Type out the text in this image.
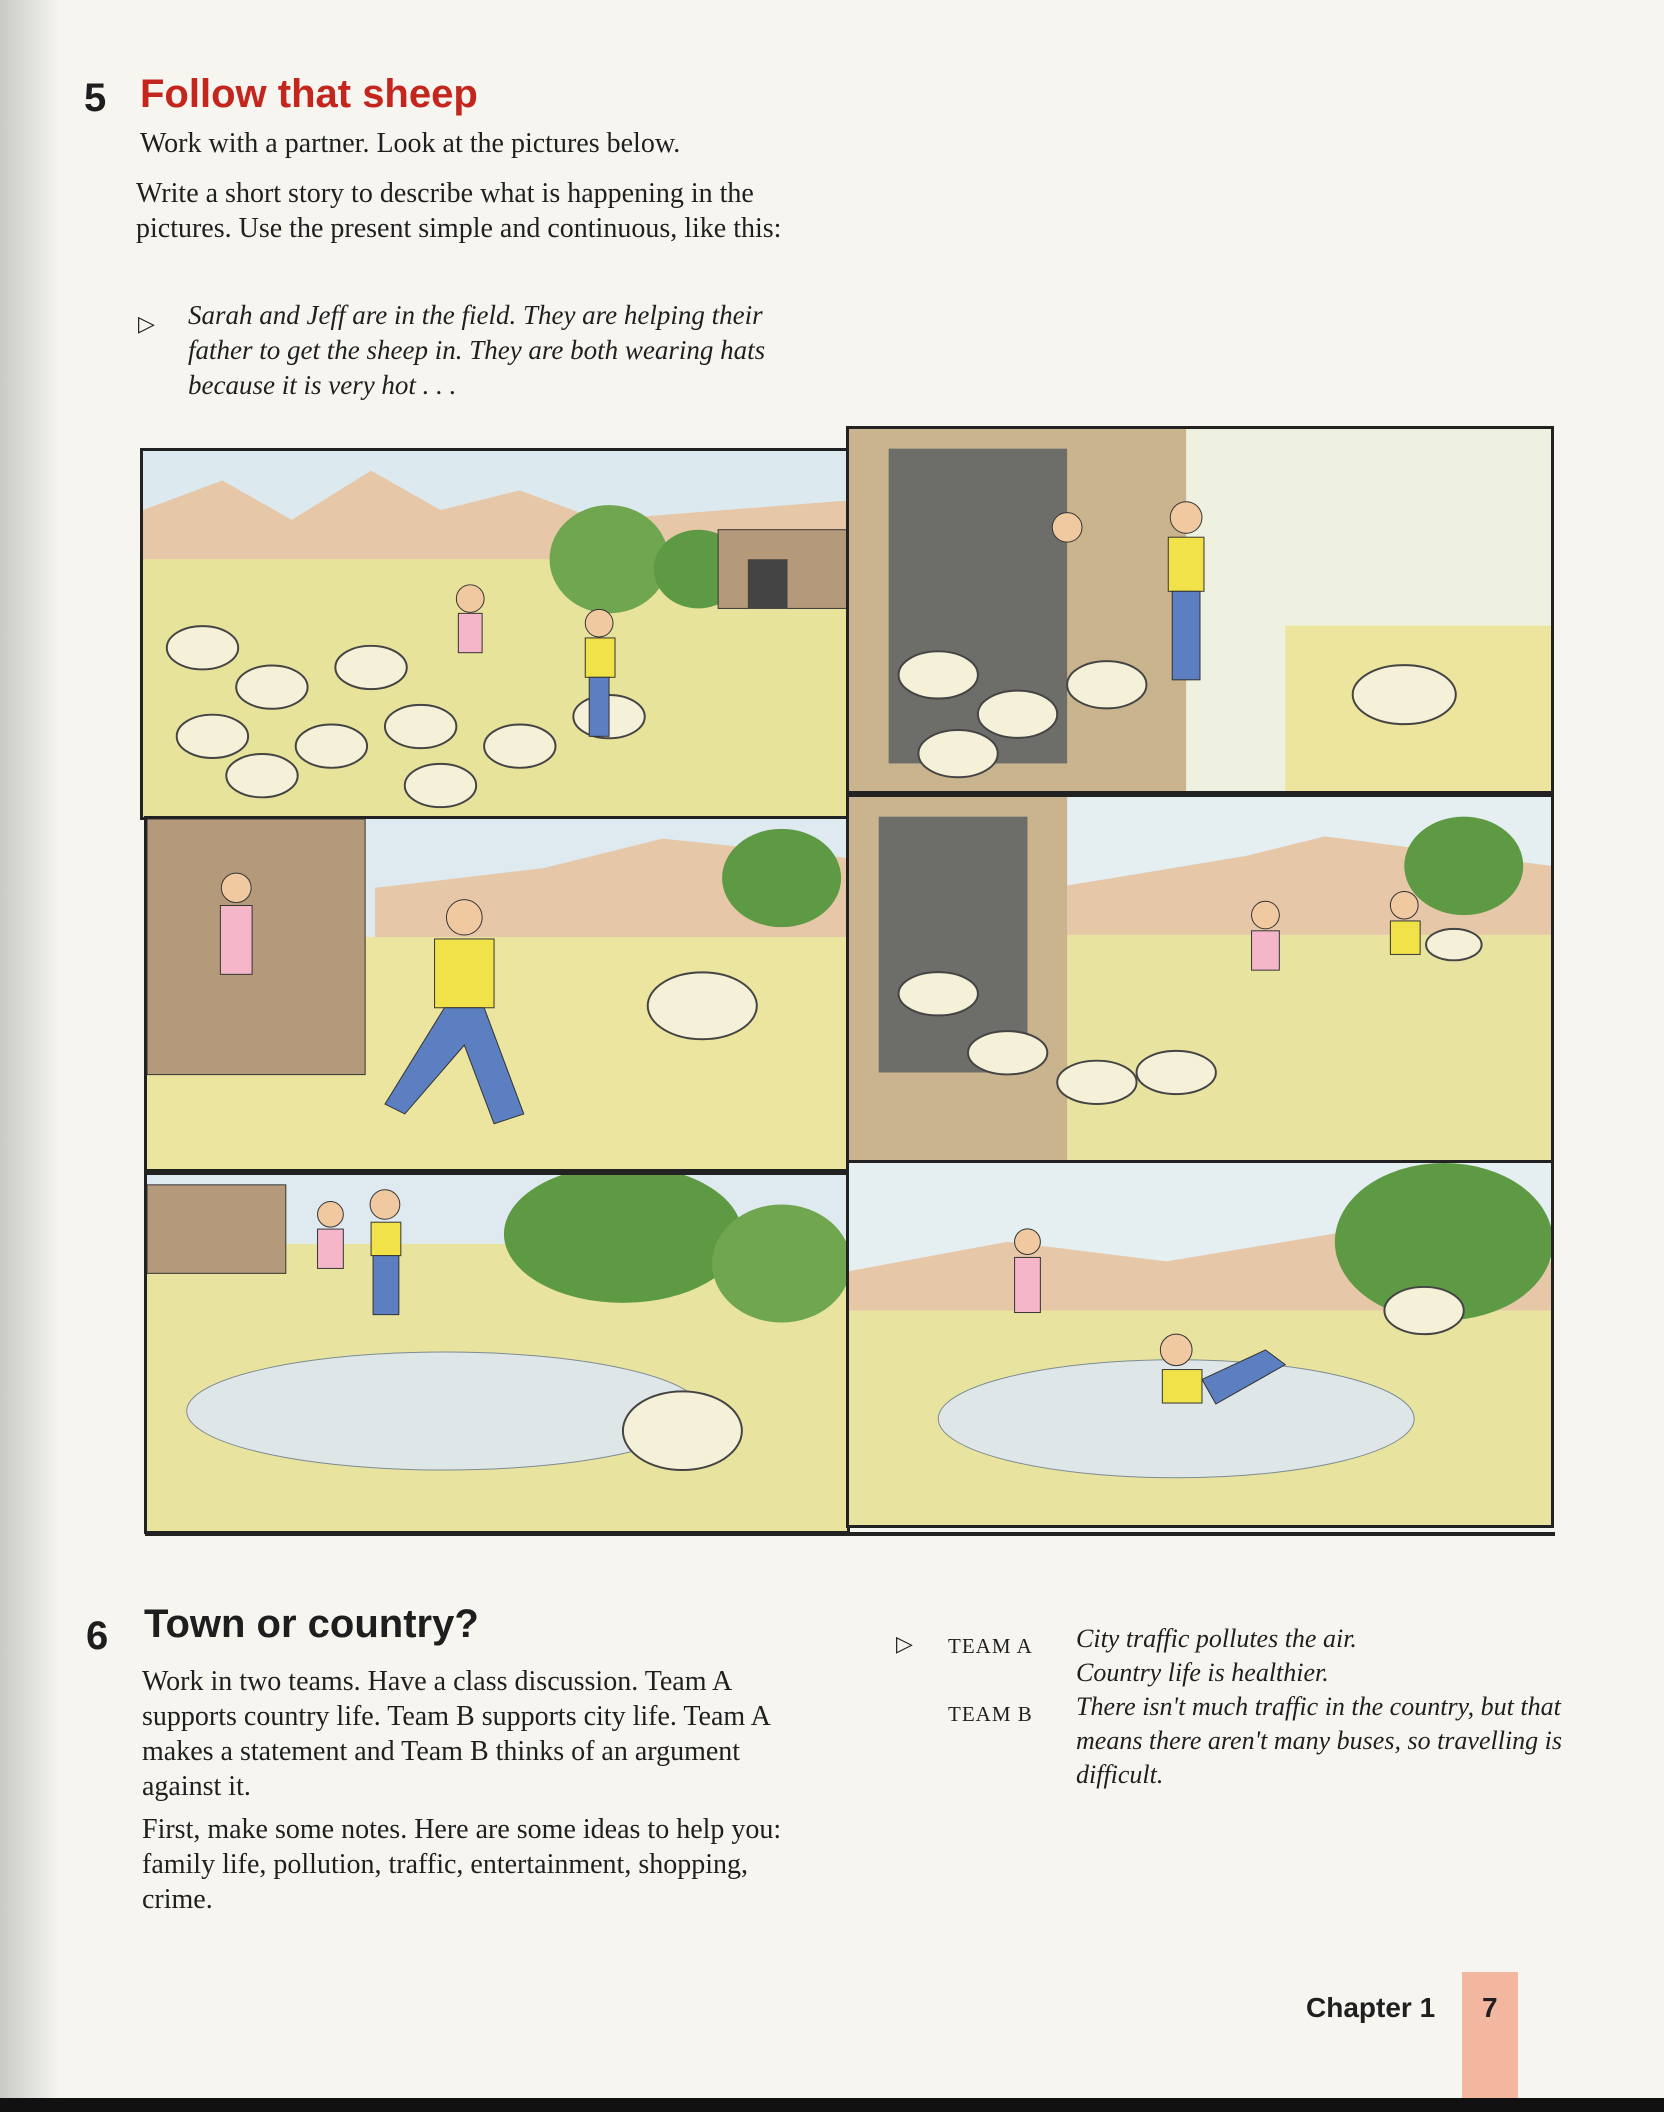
5 Follow that sheep

Work with a partner. Look at the pictures below.

Write a short story to describe what is happening in the pictures. Use the present simple and continuous, like this:

▷ Sarah and Jeff are in the field. They are helping their father to get the sheep in. They are both wearing hats because it is very hot . . .

6 Town or country?

Work in two teams. Have a class discussion. Team A supports country life. Team B supports city life. Team A makes a statement and Team B thinks of an argument against it.

First, make some notes. Here are some ideas to help you: family life, pollution, traffic, entertainment, shopping, crime.

▷ TEAM A City traffic pollutes the air.

Country life is healthier.

TEAM B There isn't much traffic in the country, but that means there aren't many buses, so travelling is difficult.

Chapter 1 7
